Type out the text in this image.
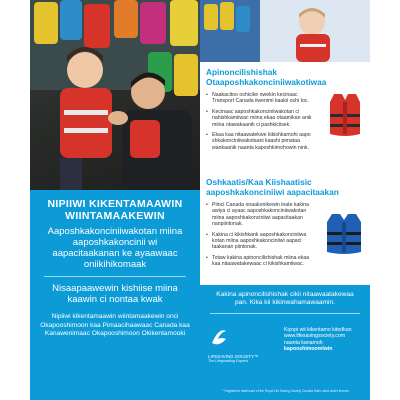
NIPIIWI KIKENTAMAAWIN
WIINTAMAAKEWIN
Aaposhkakonciniiwakotan miina aaposhkakoncinii wi aapacitaakanan ke ayaawaac oniikihikomaak
Nisaapaawewin kishiise miina kaawin ci nontaa kwak
Nipiiwi kikentamaawin wiintamaakewin onci Okapooshimoon kaa Pimaacihaawaac Canada kaa Kanawenimaac Okapooshimoon Okikentamooki
Apinoncilishishak Otaaposhkakonciniiwakotiwaa
• Naakacitoo oshicike owekin kecinaac Transport Canada iiwenimi kaakii oshi toc.
• Kecinaac aaposhkakonciniiwakotan ci nahishkamiiwac miina ekaa otaamikan anik miina otawakaanik ci pashkiciisek.
• Ekaa kaa nitaawatekwe kikishkamohi aapo shkakonciniiwakotaani kaashi pimataa wankaanik naanta kaposhkimohowin nink.
Oshkaatis/Kaa Kiishaatisic aaposhkakonciniiwi aapacitaakan
• Piinci Canada onaakonikewin inate kakina awiya ci ayaac aaposhkakonciniiwakotan miina aaposhkakonciniiwi aapacitaakan nanpiintonak.
• Kakina ci kikishkank aaposhkakonciniiwa kotan miina aaposhkakonciniiwi aapaci taakanan piintonak.
• Totaw kakina apinoncilishishak miina ekaa kaa nitaawatakewaac ci kikishkamiiwac.
Kakina apinoncilishishak cikii nitaawaatakewaa pan. Kika kii kikinwahamawaamin.
LIFESAVING SOCIETY™
The Lifeguarding Experts
Kiyopi wii kikentamo kitedkan
www.lifesavingsociety.com
naanta kanamoh
kapooshimoomlwin
* Registered trademark of the Royal Life Saving Society Canada Mark used under licence.
